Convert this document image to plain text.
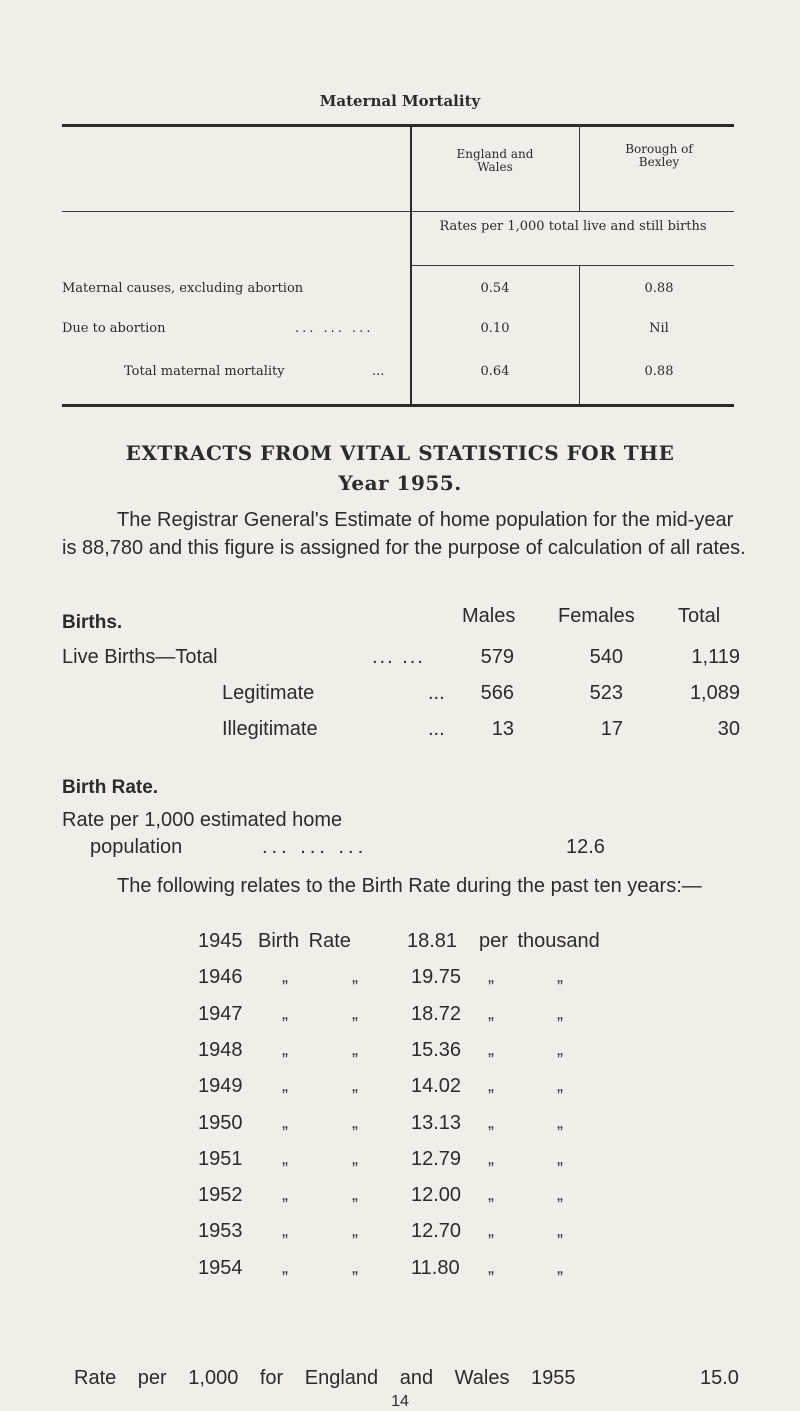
Maternal Mortality
England and Wales
Borough of Bexley
Rates per 1,000 total live and still births
Maternal causes, excluding abortion	0.54	0.88
Due to abortion	... ... ...	0.10	Nil
Total maternal mortality	...	0.64	0.88
EXTRACTS FROM VITAL STATISTICS FOR THE
Year 1955.
The Registrar General's Estimate of home population for the mid-year is 88,780 and this figure is assigned for the purpose of calculation of all rates.
Births.	Males Females Total
Live Births—Total	... ...	579	540	1,119
Legitimate	...	566	523	1,089
Illegitimate	...	13	17	30
Birth Rate.
Rate per 1,000 estimated home
population	... ... ...	12.6
The following relates to the Birth Rate during the past ten years:—
1945 Birth Rate	18.81 per thousand
1946 „	„	19.75 „	„
1947 „	„	18.72 „	„
1948 „	„	15.36 „	„
1949 „	„	14.02 „	„
1950 „	„	13.13 „	„
1951 „	„	12.79 „	„
1952 „	„	12.00 „	„
1953 „	„	12.70 „	„
1954 „	„	11.80 „	„
Rate per 1,000 for England and Wales 1955	15.0
14
